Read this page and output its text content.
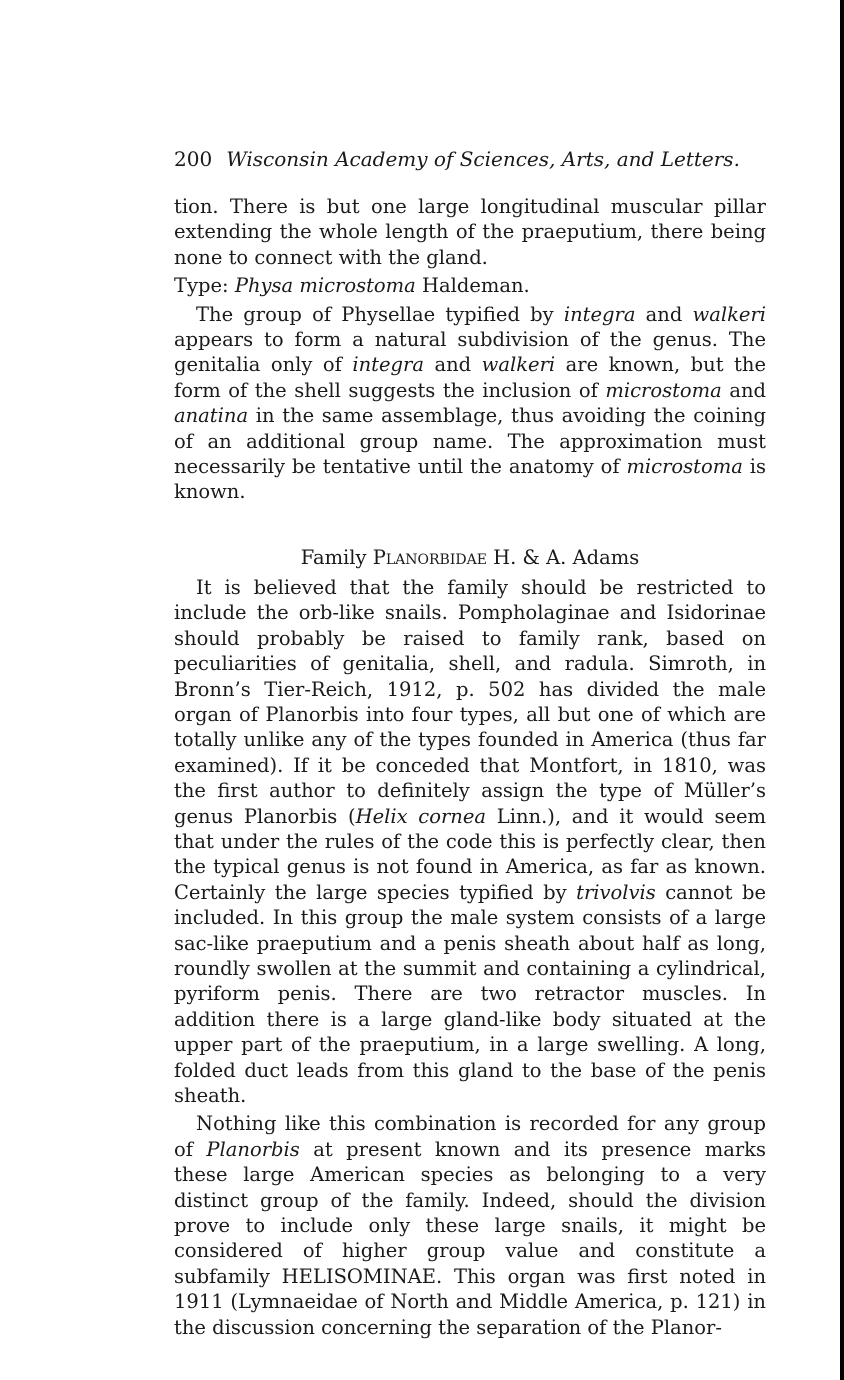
200 Wisconsin Academy of Sciences, Arts, and Letters.

tion. There is but one large longitudinal muscular pillar extending the whole length of the praeputium, there being none to connect with the gland.

Type: Physa microstoma Haldeman.

The group of Physellae typified by integra and walkeri appears to form a natural subdivision of the genus. The genitalia only of integra and walkeri are known, but the form of the shell suggests the inclusion of microstoma and anatina in the same assemblage, thus avoiding the coining of an additional group name. The approximation must necessarily be tentative until the anatomy of microstoma is known.

Family Planorbidae H. & A. Adams

It is believed that the family should be restricted to include the orb-like snails. Pompholaginae and Isidorinae should probably be raised to family rank, based on peculiarities of genitalia, shell, and radula. Simroth, in Bronn’s Tier-Reich, 1912, p. 502 has divided the male organ of Planorbis into four types, all but one of which are totally unlike any of the types founded in America (thus far examined). If it be conceded that Montfort, in 1810, was the first author to definitely assign the type of Müller’s genus Planorbis (Helix cornea Linn.), and it would seem that under the rules of the code this is perfectly clear, then the typical genus is not found in America, as far as known. Certainly the large species typified by trivolvis cannot be included. In this group the male system consists of a large sac-like praeputium and a penis sheath about half as long, roundly swollen at the summit and containing a cylindrical, pyriform penis. There are two retractor muscles. In addition there is a large gland-like body situated at the upper part of the praeputium, in a large swelling. A long, folded duct leads from this gland to the base of the penis sheath.

Nothing like this combination is recorded for any group of Planorbis at present known and its presence marks these large American species as belonging to a very distinct group of the family. Indeed, should the division prove to include only these large snails, it might be considered of higher group value and constitute a subfamily HELISOMINAE. This organ was first noted in 1911 (Lymnaeidae of North and Middle America, p. 121) in the discussion concerning the separation of the Planor-
